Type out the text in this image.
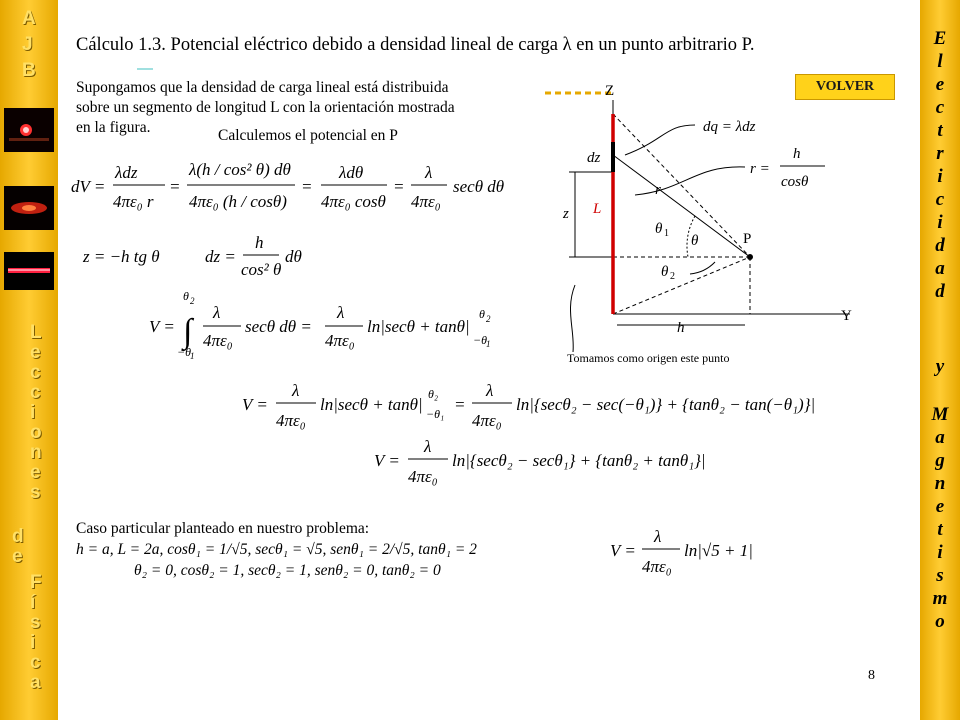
A
J
B
L
e
c
c
i
o
n
e
s
d
e
F
í
s
i
c
a
E
l
e
c
t
r
i
c
i
d
a
d
y
M
a
g
n
e
t
i
s
m
o
Cálculo 1.3. Potencial eléctrico debido a densidad lineal de carga λ en un punto arbitrario P.
Supongamos que la densidad de carga lineal está distribuida
sobre un segmento de longitud L con la orientación mostrada
en la figura.	Calculemos el potencial en P
VOLVER
dV =
λdz
4πε₀ r
=
λ(h / cos² θ) dθ
4πε₀ (h / cosθ)
=
λdθ
4πε₀ cosθ
=
λ
4πε₀
secθ dθ
z = −h tg θ	dz =
h
cos² θ
dθ
V = ∫
θ 2
−θ 1
λ
4πε₀
secθ dθ =
λ
4πε₀
ln|secθ + tanθ|
θ 2
−θ 1
V =
λ
4πε₀
ln|secθ + tanθ|
θ₂
−θ₁ =
λ
4πε₀
ln|{secθ₂ − sec(−θ₁)} + {tanθ₂ − tan(−θ₁)}|
V =
λ
4πε₀
ln|{secθ₂ − secθ₁} + {tanθ₂ + tanθ₁}|
Z
Y
P
dz
z L
r
h
θ 1 θ
θ 2
dq = λdz
r =
h
cosθ
Tomamos como origen este punto
Caso particular planteado en nuestro problema:
h = a, L = 2a, cosθ₁ = 1/√5, secθ₁ = √5, senθ₁ = 2/√5, tanθ₁ = 2
θ₂ = 0, cosθ₂ = 1, secθ₂ = 1, senθ₂ = 0, tanθ₂ = 0
V =
λ
4πε₀
ln|√5 + 1|
8
